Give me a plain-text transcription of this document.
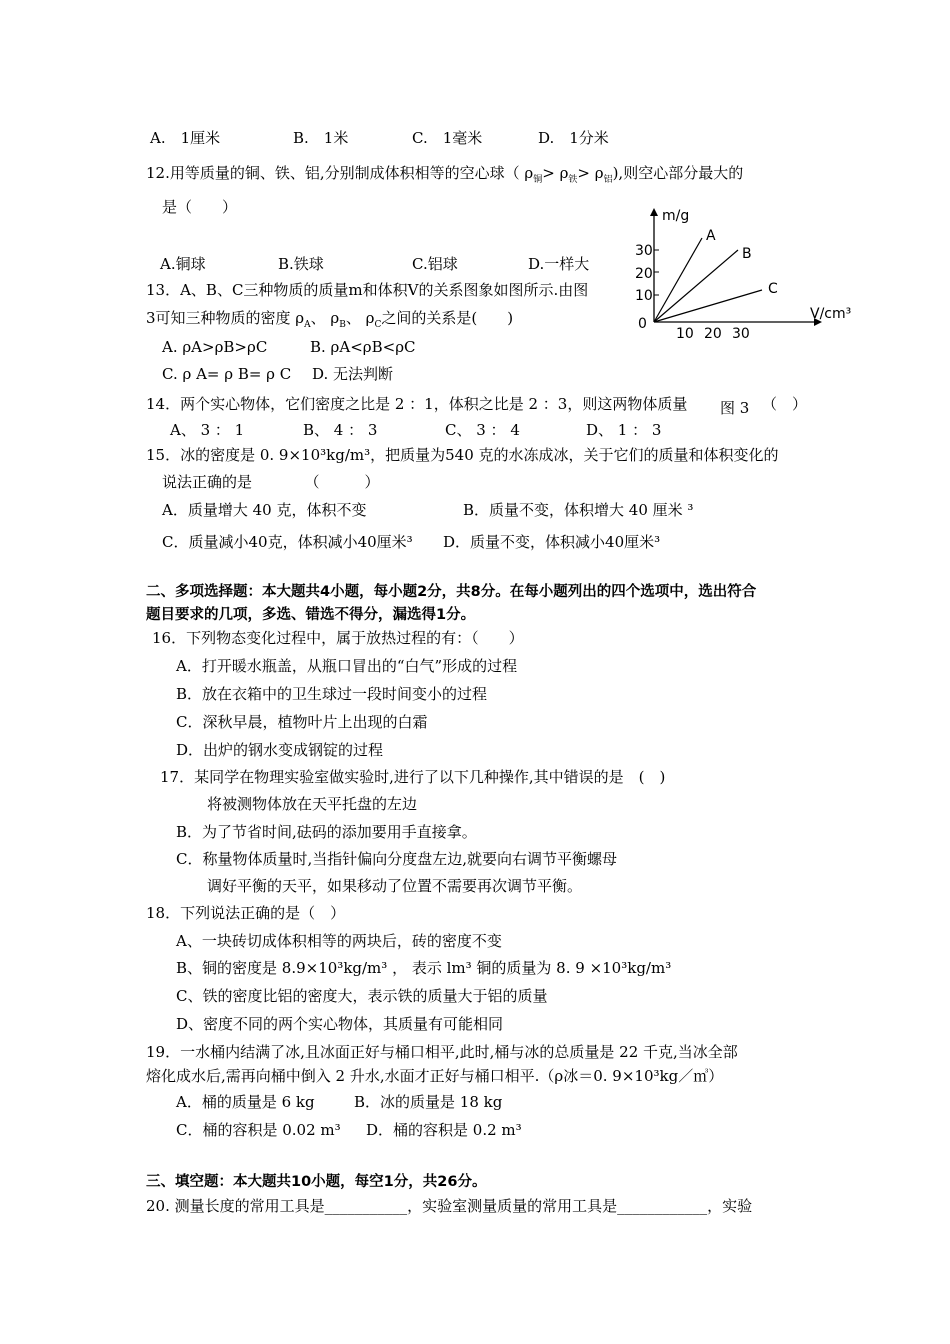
A.　1厘米	B.　1米	C.　1毫米	D.　1分米
12.用等质量的铜、铁、铝,分别制成体积相等的空心球（ $\rho_铜> \rho_铁> \rho_铝$),则空心部分最大的
是（　　）
A.铜球	B.铁球	C.铝球	D.一样大
m/g
V/cm³
0
30
20
10
10 20 30
A
B
C
13．A、B、C三种物质的质量m和体积V的关系图象如图所示.由图
3可知三种物质的密度 $\rho_A$、 $\rho_B$、 $\rho_C$之间的关系是(　　)
A. ρA>ρB>ρC	B. ρA<ρB<ρC
C. ρ A= ρ B= ρ C D. 无法判断
14．两个实心物体，它们密度之比是 2 ：1，体积之比是 2 ：3，则这两物体质量	图 3 （　）
A、 3 ： 1	B、 4 ： 3	C、 3 ： 4	D、 1 ： 3
15．冰的密度是 0. 9×10³kg/m³，把质量为540 克的水冻成冰，关于它们的质量和体积变化的
说法正确的是　　　　（　　　）
A．质量增大 40 克，体积不变	B．质量不变，体积增大 40 厘米 ³
C．质量减小40克，体积减小40厘米³ D．质量不变，体积减小40厘米³
二、多项选择题：本大题共4小题，每小题2分，共8分。在每小题列出的四个选项中，选出符合
题目要求的几项，多选、错选不得分，漏选得1分。
16．下列物态变化过程中，属于放热过程的有：（　　）
A．打开暖水瓶盖，从瓶口冒出的“白气”形成的过程
B．放在衣箱中的卫生球过一段时间变小的过程
C．深秋早晨，植物叶片上出现的白霜
D．出炉的钢水变成钢锭的过程
17．某同学在物理实验室做实验时,进行了以下几种操作,其中错误的是　(　)
将被测物体放在天平托盘的左边
B．为了节省时间,砝码的添加要用手直接拿。
C．称量物体质量时,当指针偏向分度盘左边,就要向右调节平衡螺母
调好平衡的天平，如果移动了位置不需要再次调节平衡。
18．下列说法正确的是（　）
A、一块砖切成体积相等的两块后，砖的密度不变
B、铜的密度是 8.9×10³kg/m³ ， 表示 lm³ 铜的质量为 8. 9 ×10³kg/m³
C、铁的密度比铝的密度大，表示铁的质量大于铝的质量
D、密度不同的两个实心物体，其质量有可能相同
19．一水桶内结满了冰,且冰面正好与桶口相平,此时,桶与冰的总质量是 22 千克,当冰全部
熔化成水后,需再向桶中倒入 2 升水,水面才正好与桶口相平.（ρ冰＝0. 9×10³kg／㎥）
A．桶的质量是 6 kg	B．冰的质量是 18 kg
C．桶的容积是 0.02 m³ D．桶的容积是 0.2 m³
三、填空题：本大题共10小题，每空1分，共26分。
20. 测量长度的常用工具是___________，实验室测量质量的常用工具是____________，实验
